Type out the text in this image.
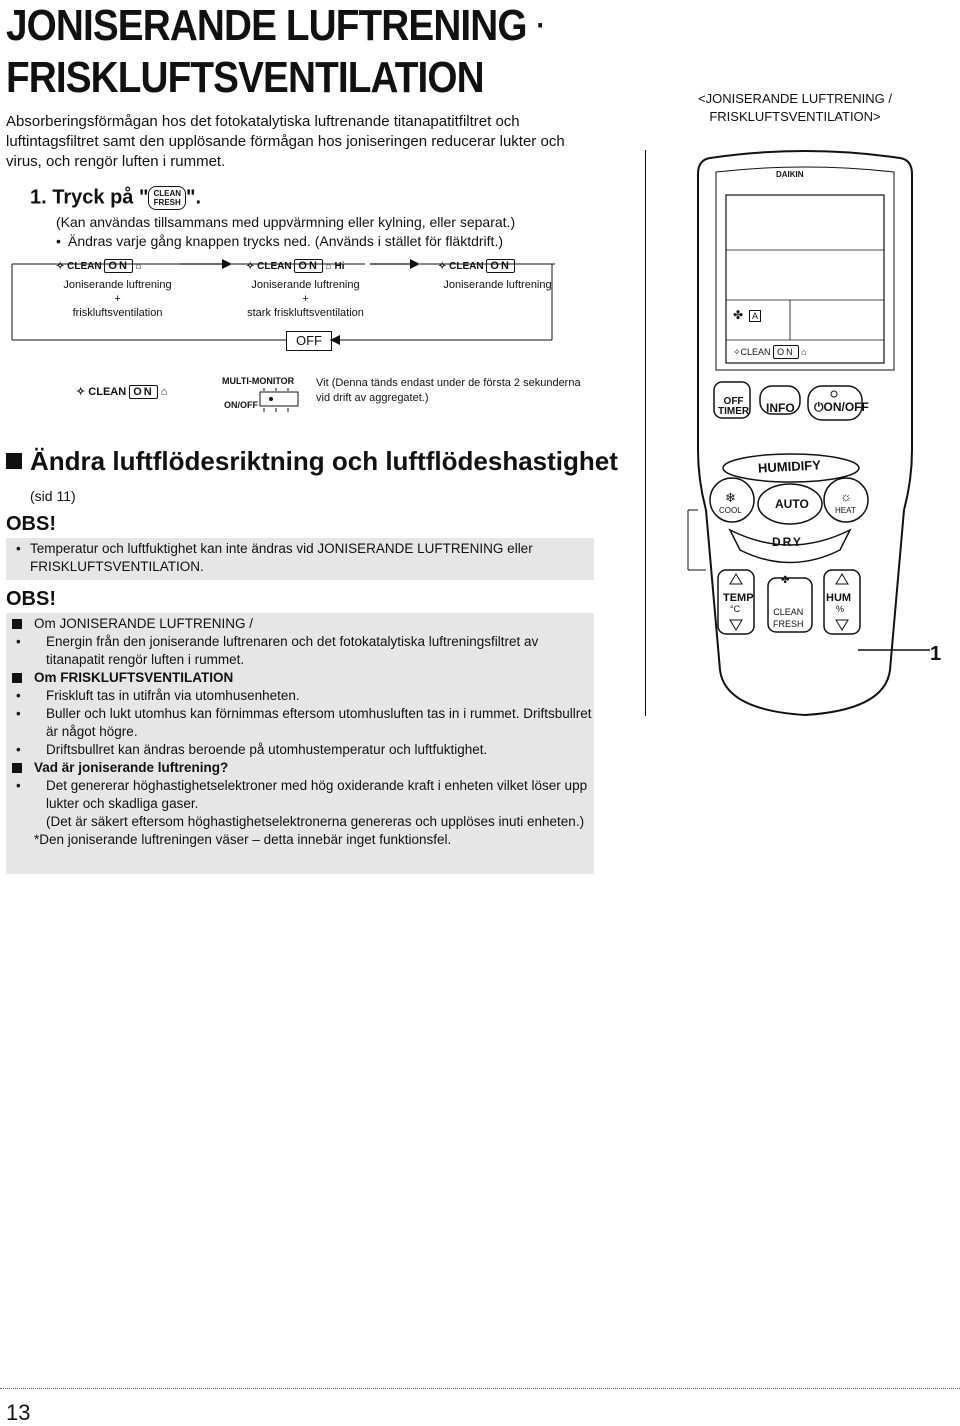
JONISERANDE LUFTRENING ·
FRISKLUFTSVENTILATION
Absorberingsförmågan hos det fotokatalytiska luftrenande titanapatitfiltret och luftintagsfiltret samt den upplösande förmågan hos joniseringen reducerar lukter och virus, och rengör luften i rummet.
1. Tryck på " CLEAN
FRESH ".
(Kan användas tillsammans med uppvärmning eller kylning, eller separat.)
• Ändras varje gång knappen trycks ned. (Används i stället för fläktdrift.)
✧ CLEAN ON ⌂
Joniserande luftrening
+
friskluftsventilation
✧ CLEAN ON ⌂ Hi
Joniserande luftrening
+
stark friskluftsventilation
✧ CLEAN ON
Joniserande luftrening
OFF
✧ CLEAN ON ⌂
MULTI-MONITOR
ON/OFF
Vit (Denna tänds endast under de första 2 sekunderna vid drift av aggregatet.)
Ändra luftflödesriktning och luftflödeshastighet
(sid 11)
OBS!
• Temperatur och luftfuktighet kan inte ändras vid JONISERANDE LUFTRENING eller FRISKLUFTSVENTILATION.
OBS!
Om JONISERANDE LUFTRENING /
• Energin från den joniserande luftrenaren och det fotokatalytiska luftreningsfiltret av titanapatit rengör luften i rummet.
Om FRISKLUFTSVENTILATION
• Friskluft tas in utifrån via utomhusenheten.
• Buller och lukt utomhus kan förnimmas eftersom utomhusluften tas in i rummet. Driftsbullret är något högre.
• Driftsbullret kan ändras beroende på utomhustemperatur och luftfuktighet.
Vad är joniserande luftrening?
• Det genererar höghastighetselektroner med hög oxiderande kraft i enheten vilket löser upp lukter och skadliga gaser.
(Det är säkert eftersom höghastighetselektronerna genereras och upplöses inuti enheten.)
*Den joniserande luftreningen väser – detta innebär inget funktionsfel.
<JONISERANDE LUFTRENING /
FRISKLUFTSVENTILATION>
DAIKIN
✤ A
✧CLEAN ON ⌂
OFF
TIMER INFO ⏻ON/OFF
HUMIDIFY
❄
COOL	AUTO ☼
HEAT
DRY
TEMP
°C
HUM
%
✤
CLEAN
FRESH
1
13
